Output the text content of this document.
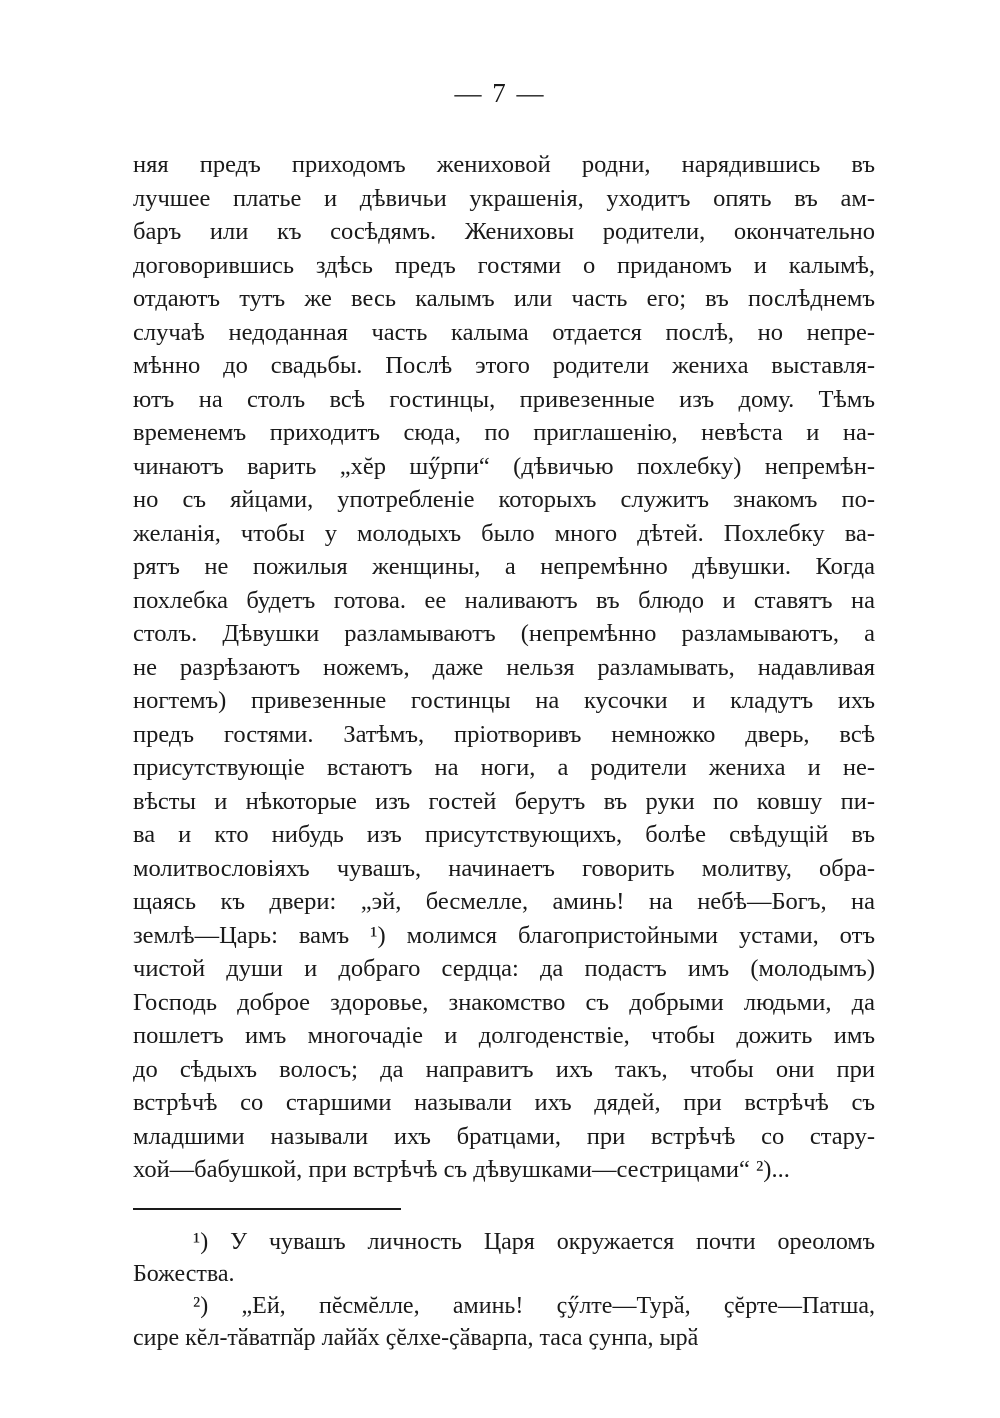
— 7 —
няя предъ приходомъ жениховой родни, нарядившись въ
лучшее платье и дѣвичьи украшенія, уходитъ опять въ ам-
баръ или къ сосѣдямъ. Жениховы родители, окончательно
договорившись здѣсь предъ гостями о приданомъ и калымѣ,
отдаютъ тутъ же весь калымъ или часть его; въ послѣднемъ
случаѣ недоданная часть калыма отдается послѣ, но непре-
мѣнно до свадьбы. Послѣ этого родители жениха выставля-
ютъ на столъ всѣ гостинцы, привезенные изъ дому. Тѣмъ
временемъ приходитъ сюда, по приглашенію, невѣста и на-
чинаютъ варить „хĕр шӳрпи“ (дѣвичью похлебку) непремѣн-
но съ яйцами, употребленіе которыхъ служитъ знакомъ по-
желанія, чтобы у молодыхъ было много дѣтей. Похлебку ва-
рятъ не пожилыя женщины, а непремѣнно дѣвушки. Когда
похлебка будетъ готова. ее наливаютъ въ блюдо и ставятъ на
столъ. Дѣвушки разламываютъ (непремѣнно разламываютъ, а
не разрѣзаютъ ножемъ, даже нельзя разламывать, надавливая
ногтемъ) привезенные гостинцы на кусочки и кладутъ ихъ
предъ гостями. Затѣмъ, пріотворивъ немножко дверь, всѣ
присутствующіе встаютъ на ноги, а родители жениха и не-
вѣсты и нѣкоторые изъ гостей берутъ въ руки по ковшу пи-
ва и кто нибудь изъ присутствующихъ, болѣе свѣдущій въ
молитвословіяхъ чувашъ, начинаетъ говорить молитву, обра-
щаясь къ двери: „эй, бесмелле, аминь! на небѣ—Богъ, на
землѣ—Царь: вамъ ¹) молимся благопристойными устами, отъ
чистой души и добраго сердца: да подастъ имъ (молодымъ)
Господь доброе здоровье, знакомство съ добрыми людьми, да
пошлетъ имъ многочадіе и долгоденствіе, чтобы дожить имъ
до сѣдыхъ волосъ; да направитъ ихъ такъ, чтобы они при
встрѣчѣ со старшими называли ихъ дядей, при встрѣчѣ съ
младшими называли ихъ братцами, при встрѣчѣ со стару-
хой—бабушкой, при встрѣчѣ съ дѣвушками—сестрицами“ ²)...
¹) У чувашъ личность Царя окружается почти ореоломъ
Божества.
²) „Ей, пĕсмĕлле, аминь! ҫӳлте—Турӑ, ҫĕрте—Патша,
сире кĕл-тӑватпӑр лайӑх ҫĕлхе-ҫӑварпа, таса ҫунпа, ырӑ
